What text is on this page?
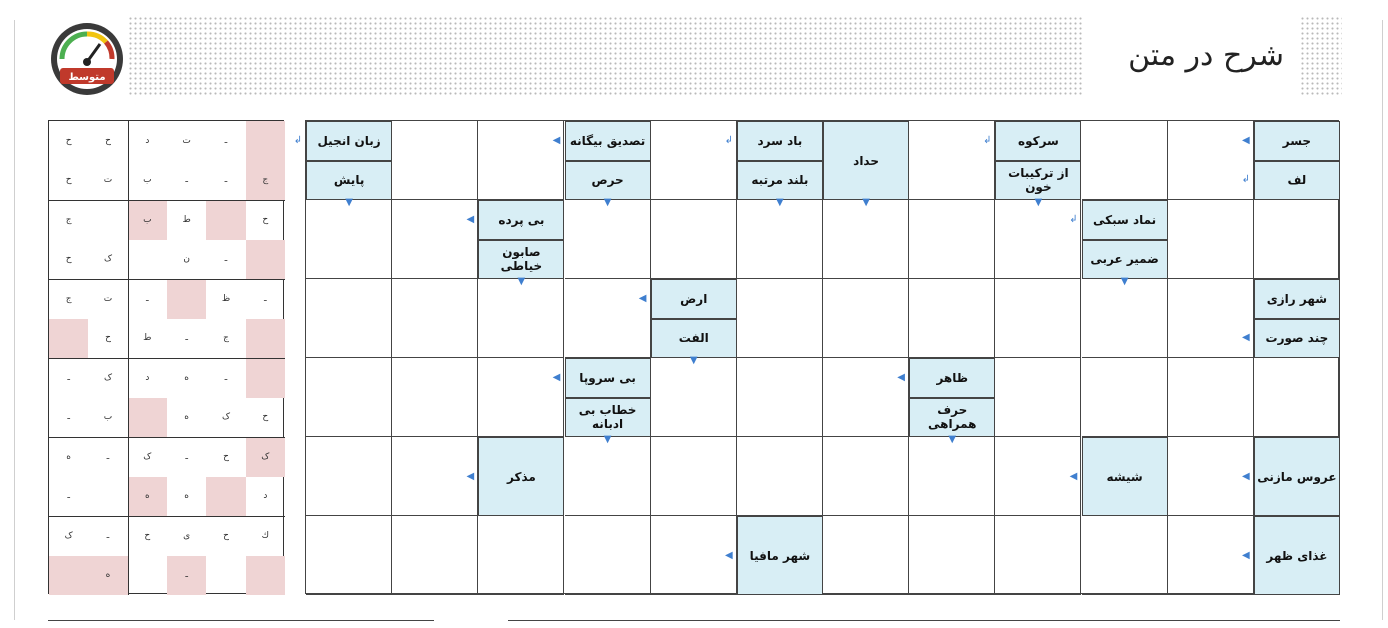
شرح در متن
متوسط
جسر
◀
لف
↲
سرکوه
↲
از ترکیبات خون
▼
حداد
▼
باد سرد
↲
بلند مرتبه
▼
تصدیق بیگانه
◀
حرص
▼
زبان انجیل
↲
پایش
▼
نماد سبکی
↲
ضمیر عربی
▼
بی پرده
◀
صابون خیاطی
▼
شهر رازی
چند صورت
◀
ارض
◀
الفت
▼
ظاهر
◀
حرف همراهی
▼
بی سروپا
◀
خطاب بی ادبانه
▼
عروس مازنی
◀
شیشه
◀
مذکر
◀
غذای ظهر
◀
شهر مافیا
◀
ـ
ت
د
ح
ح
ج
ـ
ـ
ب
ت
ح
ح
ط
ب
ج
ـ
ن
ک
ح
ـ
ظ
ـ
ت
ج
ج
ـ
ط
ح
ـ
ه
د
ک
ـ
ح
ک
ه
ب
ـ
ک
ح
ـ
ک
ـ
ه
د
ه
ه
ـ
ك
ح
ی
ح
ـ
ک
ـ
ه
